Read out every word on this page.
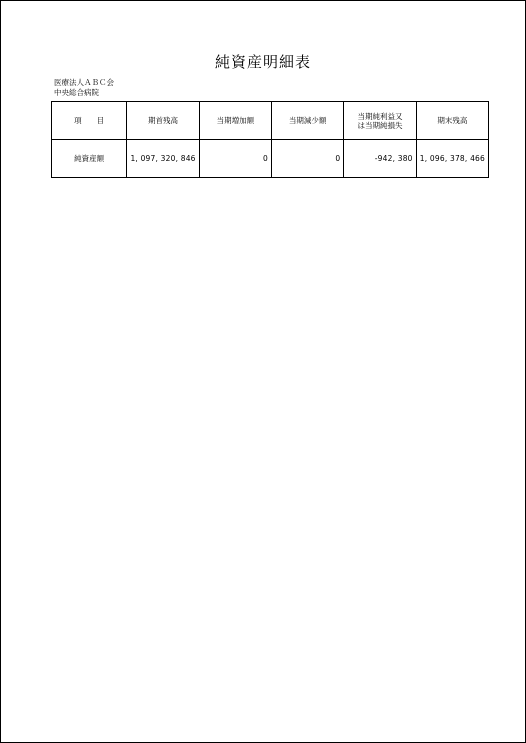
純資産明細表
医療法人ＡＢＣ会
中央総合病院
項　　目	期首残高	当期増加額	当期減少額	当期純利益又
は当期純損失	期末残高
純資産額	1, 097, 320, 846	0	0	-942, 380	1, 096, 378, 466
